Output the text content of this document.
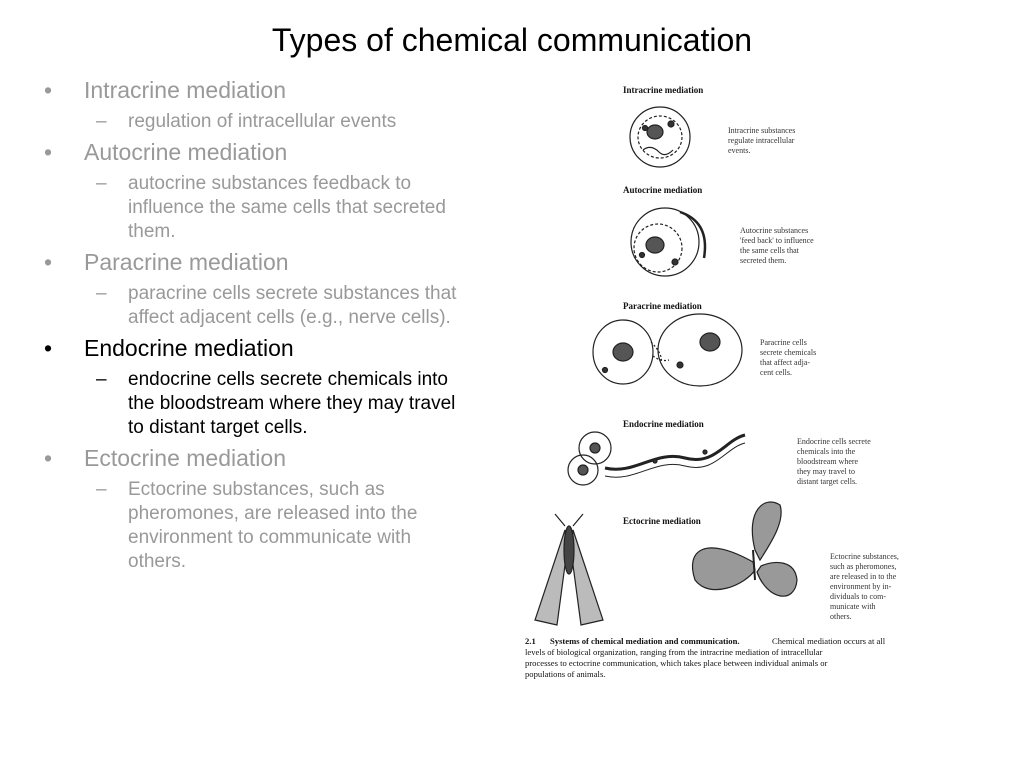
Types of chemical communication
• Intracrine mediation
– regulation of intracellular events
• Autocrine mediation
– autocrine substances feedback to influence the same cells that secreted them.
• Paracrine mediation
– paracrine cells secrete substances that affect adjacent cells (e.g., nerve cells).
• Endocrine mediation
– endocrine cells secrete chemicals into the bloodstream where they may travel to distant target cells.
• Ectocrine mediation
– Ectocrine substances, such as pheromones, are released into the environment to communicate with others.
Intracrine mediation
Intracrine substances
regulate intracellular
events.
Autocrine mediation
Autocrine substances
'feed back' to influence
the same cells that
secreted them.
Paracrine mediation
Paracrine cells
secrete chemicals
that affect adja-
cent cells.
Endocrine mediation
Endocrine cells secrete
chemicals into the
bloodstream where
they may travel to
distant target cells.
Ectocrine mediation
Ectocrine substances,
such as pheromones,
are released in to the
environment by in-
dividuals to com-
municate with
others.
2.1 Systems of chemical mediation and communication.	Chemical mediation occurs at all
levels of biological organization, ranging from the intracrine mediation of intracellular
processes to ectocrine communication, which takes place between individual animals or
populations of animals.
